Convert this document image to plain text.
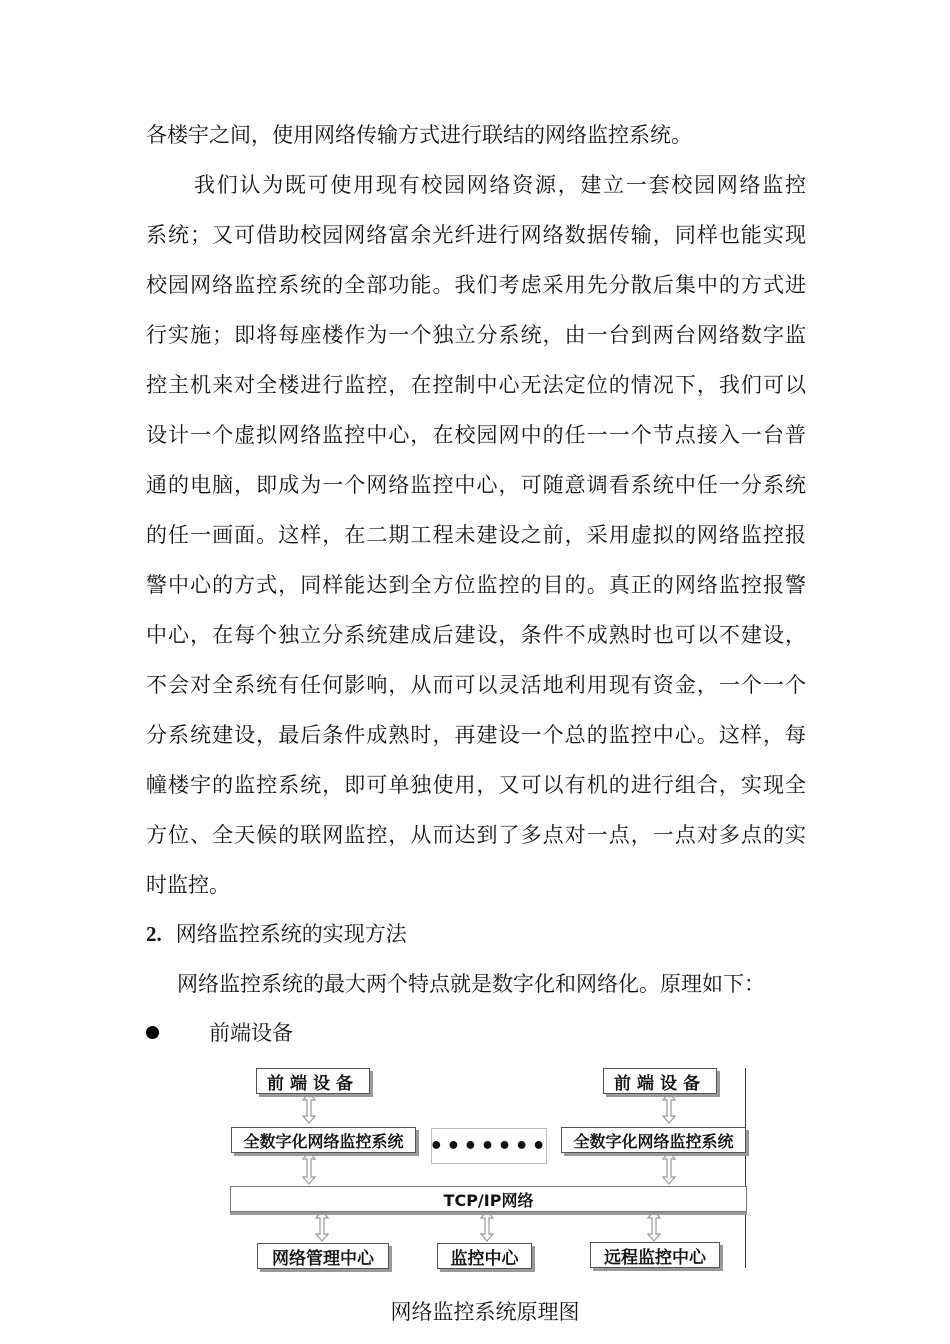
各楼宇之间，使用网络传输方式进行联结的网络监控系统。
我们认为既可使用现有校园网络资源，建立一套校园网络监控
系统；又可借助校园网络富余光纤进行网络数据传输，同样也能实现
校园网络监控系统的全部功能。我们考虑采用先分散后集中的方式进
行实施；即将每座楼作为一个独立分系统，由一台到两台网络数字监
控主机来对全楼进行监控，在控制中心无法定位的情况下，我们可以
设计一个虚拟网络监控中心，在校园网中的任一一个节点接入一台普
通的电脑，即成为一个网络监控中心，可随意调看系统中任一分系统
的任一画面。这样，在二期工程未建设之前，采用虚拟的网络监控报
警中心的方式，同样能达到全方位监控的目的。真正的网络监控报警
中心，在每个独立分系统建成后建设，条件不成熟时也可以不建设，
不会对全系统有任何影响，从而可以灵活地利用现有资金，一个一个
分系统建设，最后条件成熟时，再建设一个总的监控中心。这样，每
幢楼宇的监控系统，即可单独使用，又可以有机的进行组合，实现全
方位、全天候的联网监控，从而达到了多点对一点，一点对多点的实
时监控。
2. 网络监控系统的实现方法
网络监控系统的最大两个特点就是数字化和网络化。原理如下：
前端设备
前端设备	前端设备
全数字化网络监控系统	•••••••	全数字化网络监控系统
TCP/IP网络
网络管理中心	监控中心	远程监控中心
网络监控系统原理图
